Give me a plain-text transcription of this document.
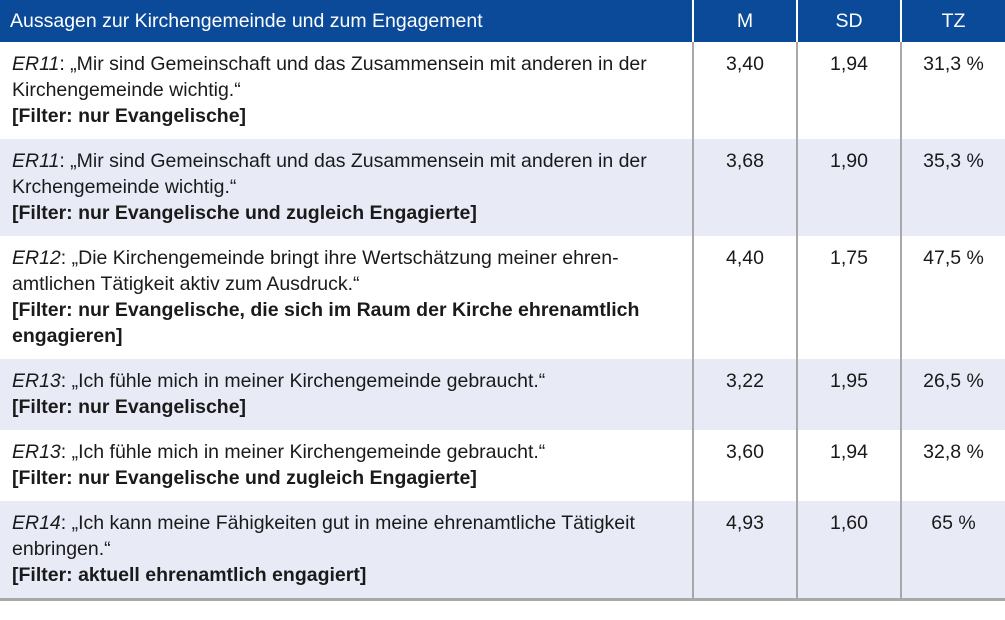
Aussagen zur Kirchengemeinde und zum Engagement	M	SD	TZ
ER11: „Mir sind Gemeinschaft und das Zusammensein mit anderen in der Kirchengemeinde wichtig.“
[Filter: nur Evangelische]	3,40	1,94	31,3 %
ER11: „Mir sind Gemeinschaft und das Zusammensein mit anderen in der Krchengemeinde wichtig.“
[Filter: nur Evangelische und zugleich Engagierte]	3,68	1,90	35,3 %
ER12: „Die Kirchengemeinde bringt ihre Wertschätzung meiner ehrenamtlichen Tätigkeit aktiv zum Ausdruck.“
[Filter: nur Evangelische, die sich im Raum der Kirche ehrenamtlich engagieren]	4,40	1,75	47,5 %
ER13: „Ich fühle mich in meiner Kirchengemeinde gebraucht.“
[Filter: nur Evangelische]	3,22	1,95	26,5 %
ER13: „Ich fühle mich in meiner Kirchengemeinde gebraucht.“
[Filter: nur Evangelische und zugleich Engagierte]	3,60	1,94	32,8 %
ER14: „Ich kann meine Fähigkeiten gut in meine ehrenamtliche Tätigkeit enbringen.“
[Filter: aktuell ehrenamtlich engagiert]	4,93	1,60	65 %
